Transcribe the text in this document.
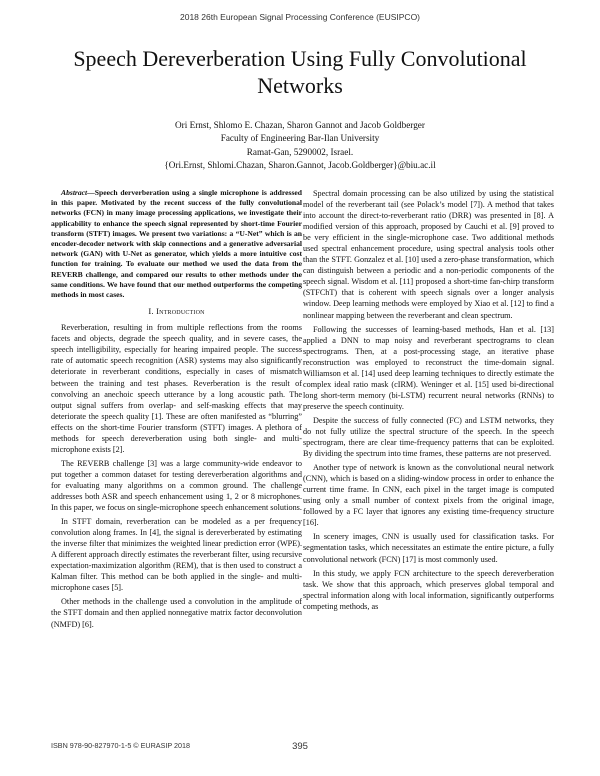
2018 26th European Signal Processing Conference (EUSIPCO)
Speech Dereverberation Using Fully Convolutional
Networks
Ori Ernst, Shlomo E. Chazan, Sharon Gannot and Jacob Goldberger
Faculty of Engineering Bar-Ilan University
Ramat-Gan, 5290002, Israel.
{Ori.Ernst, Shlomi.Chazan, Sharon.Gannot, Jacob.Goldberger}@biu.ac.il

Abstract—Speech derverberation using a single microphone is addressed in this paper. Motivated by the recent success of the fully convolutional networks (FCN) in many image processing applications, we investigate their applicability to enhance the speech signal represented by short-time Fourier transform (STFT) images. We present two variations: a “U-Net” which is an encoder-decoder network with skip connections and a generative adversarial network (GAN) with U-Net as generator, which yields a more intuitive cost function for training. To evaluate our method we used the data from the REVERB challenge, and compared our results to other methods under the same conditions. We have found that our method outperforms the competing methods in most cases.

I. Introduction

Reverberation, resulting in from multiple reflections from the rooms facets and objects, degrade the speech quality, and in severe cases, the speech intelligibility, especially for hearing impaired people. The success rate of automatic speech recognition (ASR) systems may also significantly deteriorate in reverberant conditions, especially in cases of mismatch between the training and test phases. Reverberation is the result of convolving an anechoic speech utterance by a long acoustic path. The output signal suffers from overlap- and self-masking effects that may deteriorate the speech quality [1]. These are often manifested as “blurring” effects on the short-time Fourier transform (STFT) images. A plethora of methods for speech dereverberation using both single- and multi-microphone exists [2].

The REVERB challenge [3] was a large community-wide endeavor to put together a common dataset for testing dereverberation algorithms and for evaluating many algorithms on a common ground. The challenge addresses both ASR and speech enhancement using 1, 2 or 8 microphones. In this paper, we focus on single-microphone speech enhancement solutions.

In STFT domain, reverberation can be modeled as a per frequency convolution along frames. In [4], the signal is dereverberated by estimating the inverse filter that minimizes the weighted linear prediction error (WPE). A different approach directly estimates the reverberant filter, using recursive expectation-maximization algorithm (REM), that is then used to construct a Kalman filter. This method can be both applied in the single- and multi-microphone cases [5].

Other methods in the challenge used a convolution in the amplitude of the STFT domain and then applied nonnegative matrix factor deconvolution (NMFD) [6].

Spectral domain processing can be also utilized by using the statistical model of the reverberant tail (see Polack’s model [7]). A method that takes into account the direct-to-reverberant ratio (DRR) was presented in [8]. A modified version of this approach, proposed by Cauchi et al. [9] proved to be very efficient in the single-microphone case. Two additional methods used spectral enhancement procedure, using spectral analysis tools other than the STFT. Gonzalez et al. [10] used a zero-phase transformation, which can distinguish between a periodic and a non-periodic components of the speech signal. Wisdom et al. [11] proposed a short-time fan-chirp transform (STFChT) that is coherent with speech signals over a longer analysis window. Deep learning methods were employed by Xiao et al. [12] to find a nonlinear mapping between the reverberant and clean spectrum.

Following the successes of learning-based methods, Han et al. [13] applied a DNN to map noisy and reverberant spectrograms to clean spectrograms. Then, at a post-processing stage, an iterative phase reconstruction was employed to reconstruct the time-domain signal. Williamson et al. [14] used deep learning techniques to directly estimate the complex ideal ratio mask (cIRM). Weninger et al. [15] used bi-directional long short-term memory (bi-LSTM) recurrent neural networks (RNNs) to preserve the speech continuity.

Despite the success of fully connected (FC) and LSTM networks, they do not fully utilize the spectral structure of the speech. In the speech spectrogram, there are clear time-frequency patterns that can be exploited. By dividing the spectrum into time frames, these patterns are not preserved.

Another type of network is known as the convolutional neural network (CNN), which is based on a sliding-window process in order to enhance the current time frame. In CNN, each pixel in the target image is computed using only a small number of context pixels from the original image, followed by a FC layer that ignores any existing time-frequency structure [16].

In scenery images, CNN is usually used for classification tasks. For segmentation tasks, which necessitates an estimate the entire picture, a fully convolutional network (FCN) [17] is most commonly used.

In this study, we apply FCN architecture to the speech dereverberation task. We show that this approach, which preserves global temporal and spectral information along with local information, significantly outperforms competing methods, as

ISBN 978-90-827970-1-5 © EURASIP 2018	395
